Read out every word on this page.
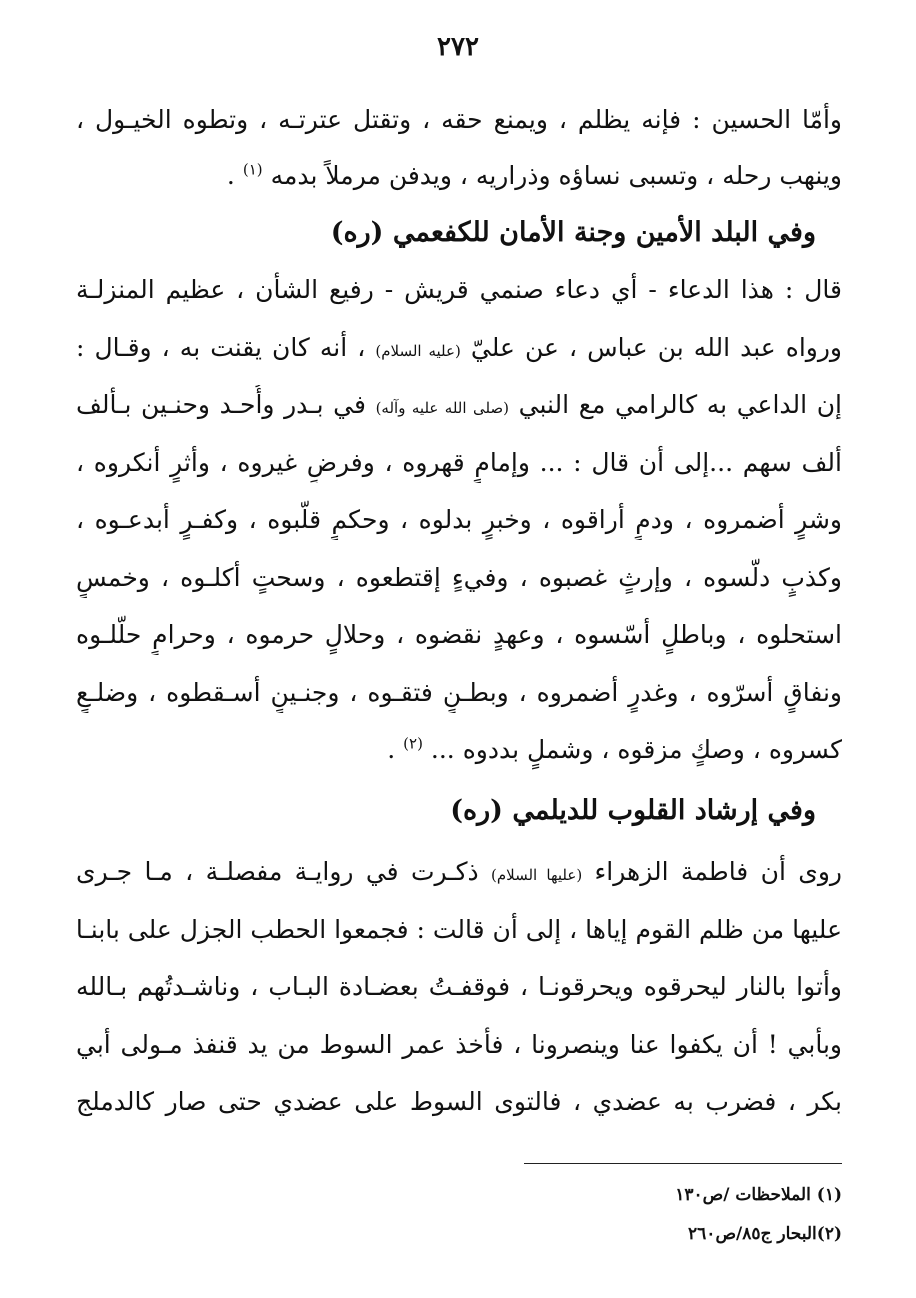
٢٧٢
وأمّا الحسين : فإنه يظلم ، ويمنع حقه ، وتقتل عترتـه ، وتطوه الخيـول ،
وينهب رحله ، وتسبى نساؤه وذراريه ، ويدفن مرملاً بدمه $^{(١)}$ .
وفي البلد الأمين وجنة الأمان للكفعمي (ره)
قال : هذا الدعاء - أي دعاء صنمي قريش - رفيع الشأن ، عظيم المنزلـة
ورواه عبد الله بن عباس ، عن عليّ (عليه السلام) ، أنه كان يقنت به ، وقـال :
إن الداعي به كالرامي مع النبي (صلى الله عليه وآله) في بـدر وأُحـد وحنـين بـألف
ألف سهم ...إلى أن قال : ... وإمامٍ قهروه ، وفرضٍ غيروه ، وأثرٍ أنكروه ،
وشرٍ أضمروه ، ودمٍ أراقوه ، وخبرٍ بدلوه ، وحكمٍ قلّبوه ، وكفـرٍ أبدعـوه ،
وكذبٍ دلّسوه ، وإرثٍ غصبوه ، وفيءٍ إقتطعوه ، وسحتٍ أكلـوه ، وخمسٍ
استحلوه ، وباطلٍ أسّسوه ، وعهدٍ نقضوه ، وحلالٍ حرموه ، وحرامٍ حلّلـوه
ونفاقٍ أسرّوه ، وغدرٍ أضمروه ، وبطـنٍ فتقـوه ، وجنـينٍ أسـقطوه ، وضلـعٍ
كسروه ، وصكٍ مزقوه ، وشملٍ بددوه ... $^{(٢)}$ .
وفي إرشاد القلوب للديلمي (ره)
روى أن فاطمة الزهراء (عليها السلام) ذكـرت في روايـة مفصلـة ، مـا جـرى
عليها من ظلم القوم إياها ، إلى أن قالت : فجمعوا الحطب الجزل على بابنـا
وأتوا بالنار ليحرقوه ويحرقونـا ، فوقفـتُ بعضـادة البـاب ، وناشـدتُهم بـالله
وبأبي ! أن يكفوا عنا وينصرونا ، فأخذ عمر السوط من يد قنفذ مـولى أبي
بكر ، فضرب به عضدي ، فالتوى السوط على عضدي حتى صار كالدملج
(١) الملاحظات /ص١٣٠
(٢)البحار ج٨٥/ص٢٦٠
